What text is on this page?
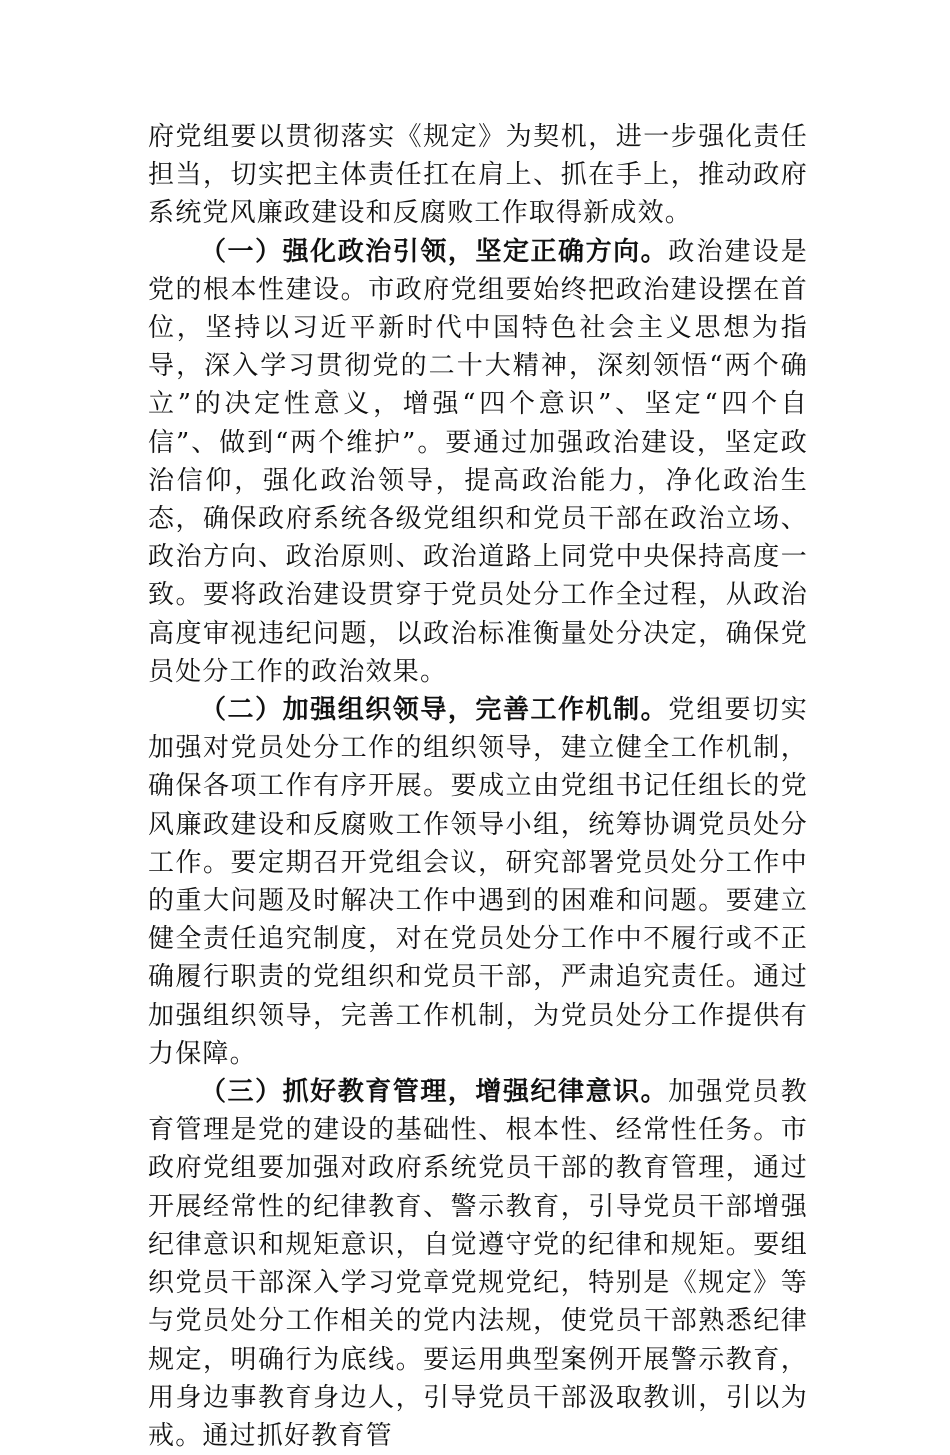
府党组要以贯彻落实《规定》为契机，进一步强化责任担当，切实把主体责任扛在肩上、抓在手上，推动政府系统党风廉政建设和反腐败工作取得新成效。

（一）强化政治引领，坚定正确方向。政治建设是党的根本性建设。市政府党组要始终把政治建设摆在首位，坚持以习近平新时代中国特色社会主义思想为指导，深入学习贯彻党的二十大精神，深刻领悟“两个确立”的决定性意义，增强“四个意识”、坚定“四个自信”、做到“两个维护”。要通过加强政治建设，坚定政治信仰，强化政治领导，提高政治能力，净化政治生态，确保政府系统各级党组织和党员干部在政治立场、政治方向、政治原则、政治道路上同党中央保持高度一致。要将政治建设贯穿于党员处分工作全过程，从政治高度审视违纪问题，以政治标准衡量处分决定，确保党员处分工作的政治效果。

（二）加强组织领导，完善工作机制。党组要切实加强对党员处分工作的组织领导，建立健全工作机制，确保各项工作有序开展。要成立由党组书记任组长的党风廉政建设和反腐败工作领导小组，统筹协调党员处分工作。要定期召开党组会议，研究部署党员处分工作中的重大问题及时解决工作中遇到的困难和问题。要建立健全责任追究制度，对在党员处分工作中不履行或不正确履行职责的党组织和党员干部，严肃追究责任。通过加强组织领导，完善工作机制，为党员处分工作提供有力保障。

（三）抓好教育管理，增强纪律意识。加强党员教育管理是党的建设的基础性、根本性、经常性任务。市政府党组要加强对政府系统党员干部的教育管理，通过开展经常性的纪律教育、警示教育，引导党员干部增强纪律意识和规矩意识，自觉遵守党的纪律和规矩。要组织党员干部深入学习党章党规党纪，特别是《规定》等与党员处分工作相关的党内法规，使党员干部熟悉纪律规定，明确行为底线。要运用典型案例开展警示教育，用身边事教育身边人，引导党员干部汲取教训，引以为戒。通过抓好教育管
